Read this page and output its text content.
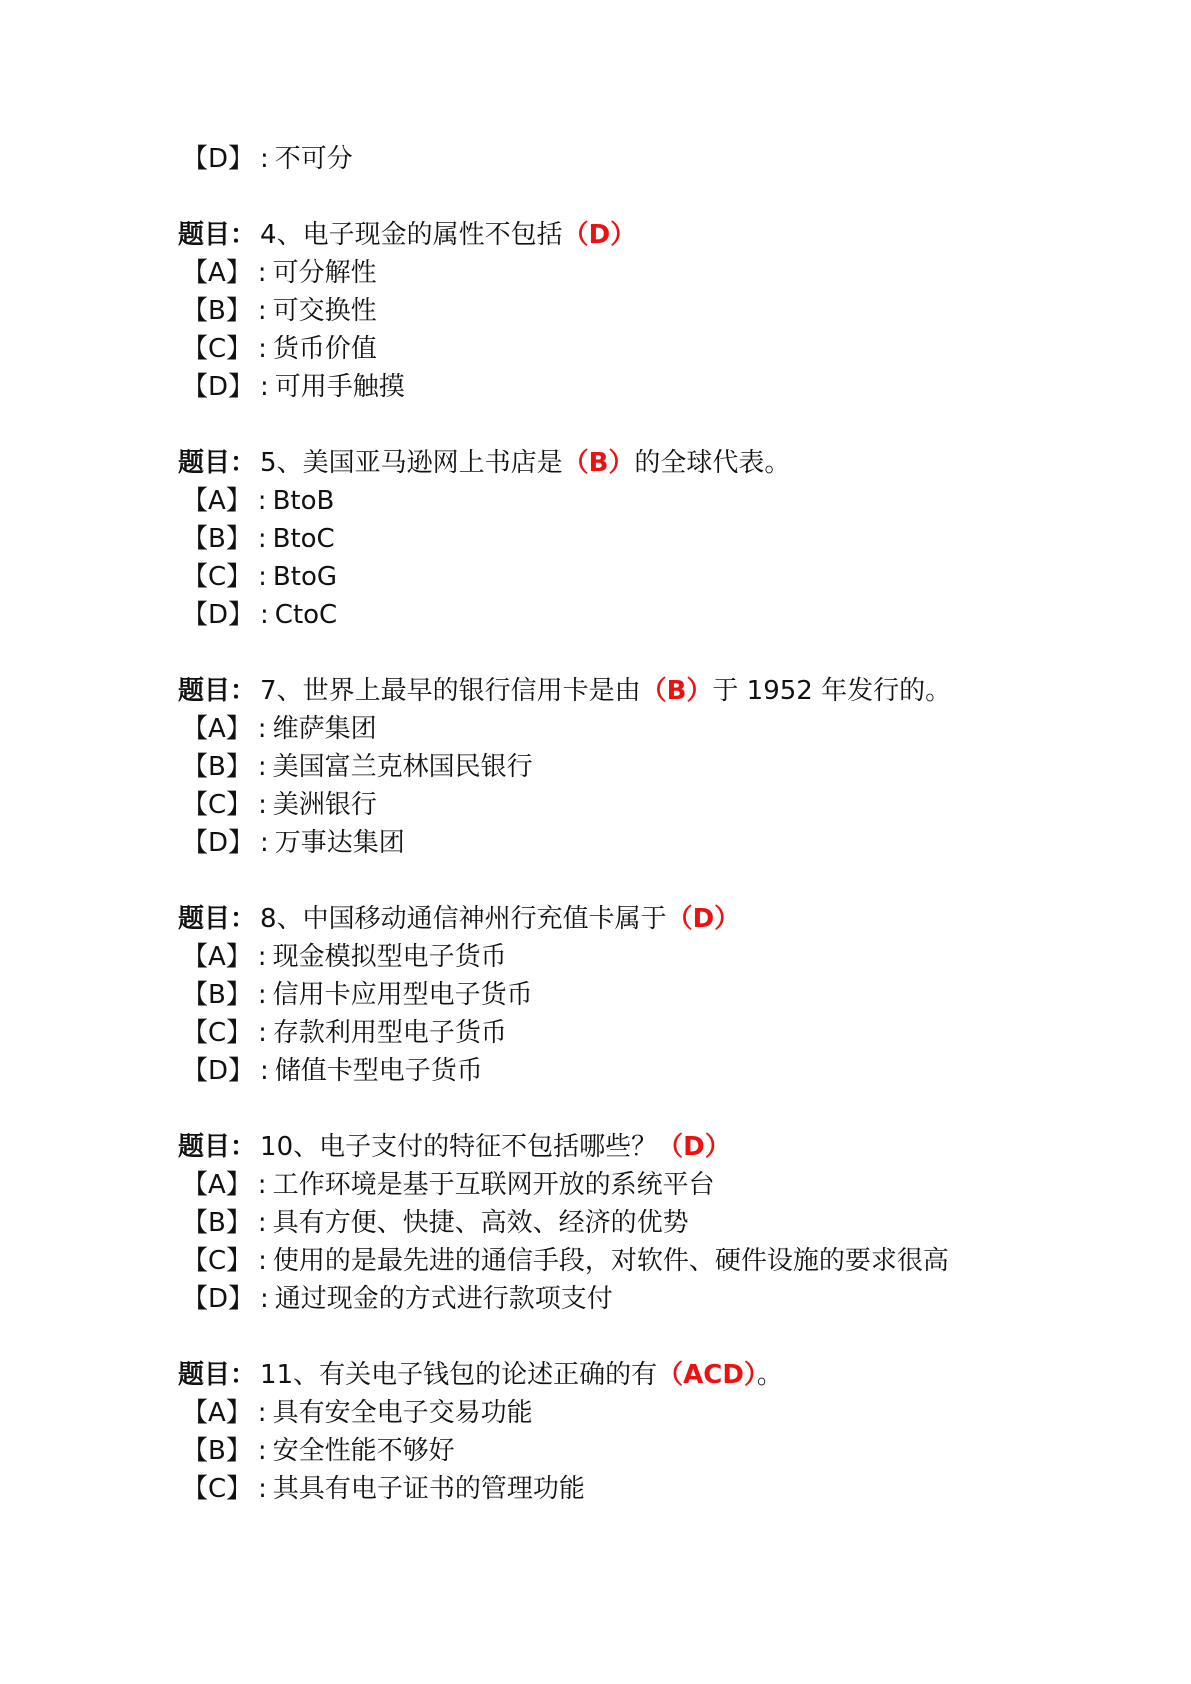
【D】 : 不可分
题目： 4、电子现金的属性不包括（D）
【A】 : 可分解性
【B】 : 可交换性
【C】 : 货币价值
【D】 : 可用手触摸
题目： 5、美国亚马逊网上书店是（B）的全球代表。
【A】 : BtoB
【B】 : BtoC
【C】 : BtoG
【D】 : CtoC
题目： 7、世界上最早的银行信用卡是由（B）于 1952 年发行的。
【A】 : 维萨集团
【B】 : 美国富兰克林国民银行
【C】 : 美洲银行
【D】 : 万事达集团
题目： 8、中国移动通信神州行充值卡属于（D）
【A】 : 现金模拟型电子货币
【B】 : 信用卡应用型电子货币
【C】 : 存款利用型电子货币
【D】 : 储值卡型电子货币
题目： 10、电子支付的特征不包括哪些？（D）
【A】 : 工作环境是基于互联网开放的系统平台
【B】 : 具有方便、快捷、高效、经济的优势
【C】 : 使用的是最先进的通信手段，对软件、硬件设施的要求很高
【D】 : 通过现金的方式进行款项支付
题目： 11、有关电子钱包的论述正确的有（ACD）。
【A】 : 具有安全电子交易功能
【B】 : 安全性能不够好
【C】 : 其具有电子证书的管理功能
